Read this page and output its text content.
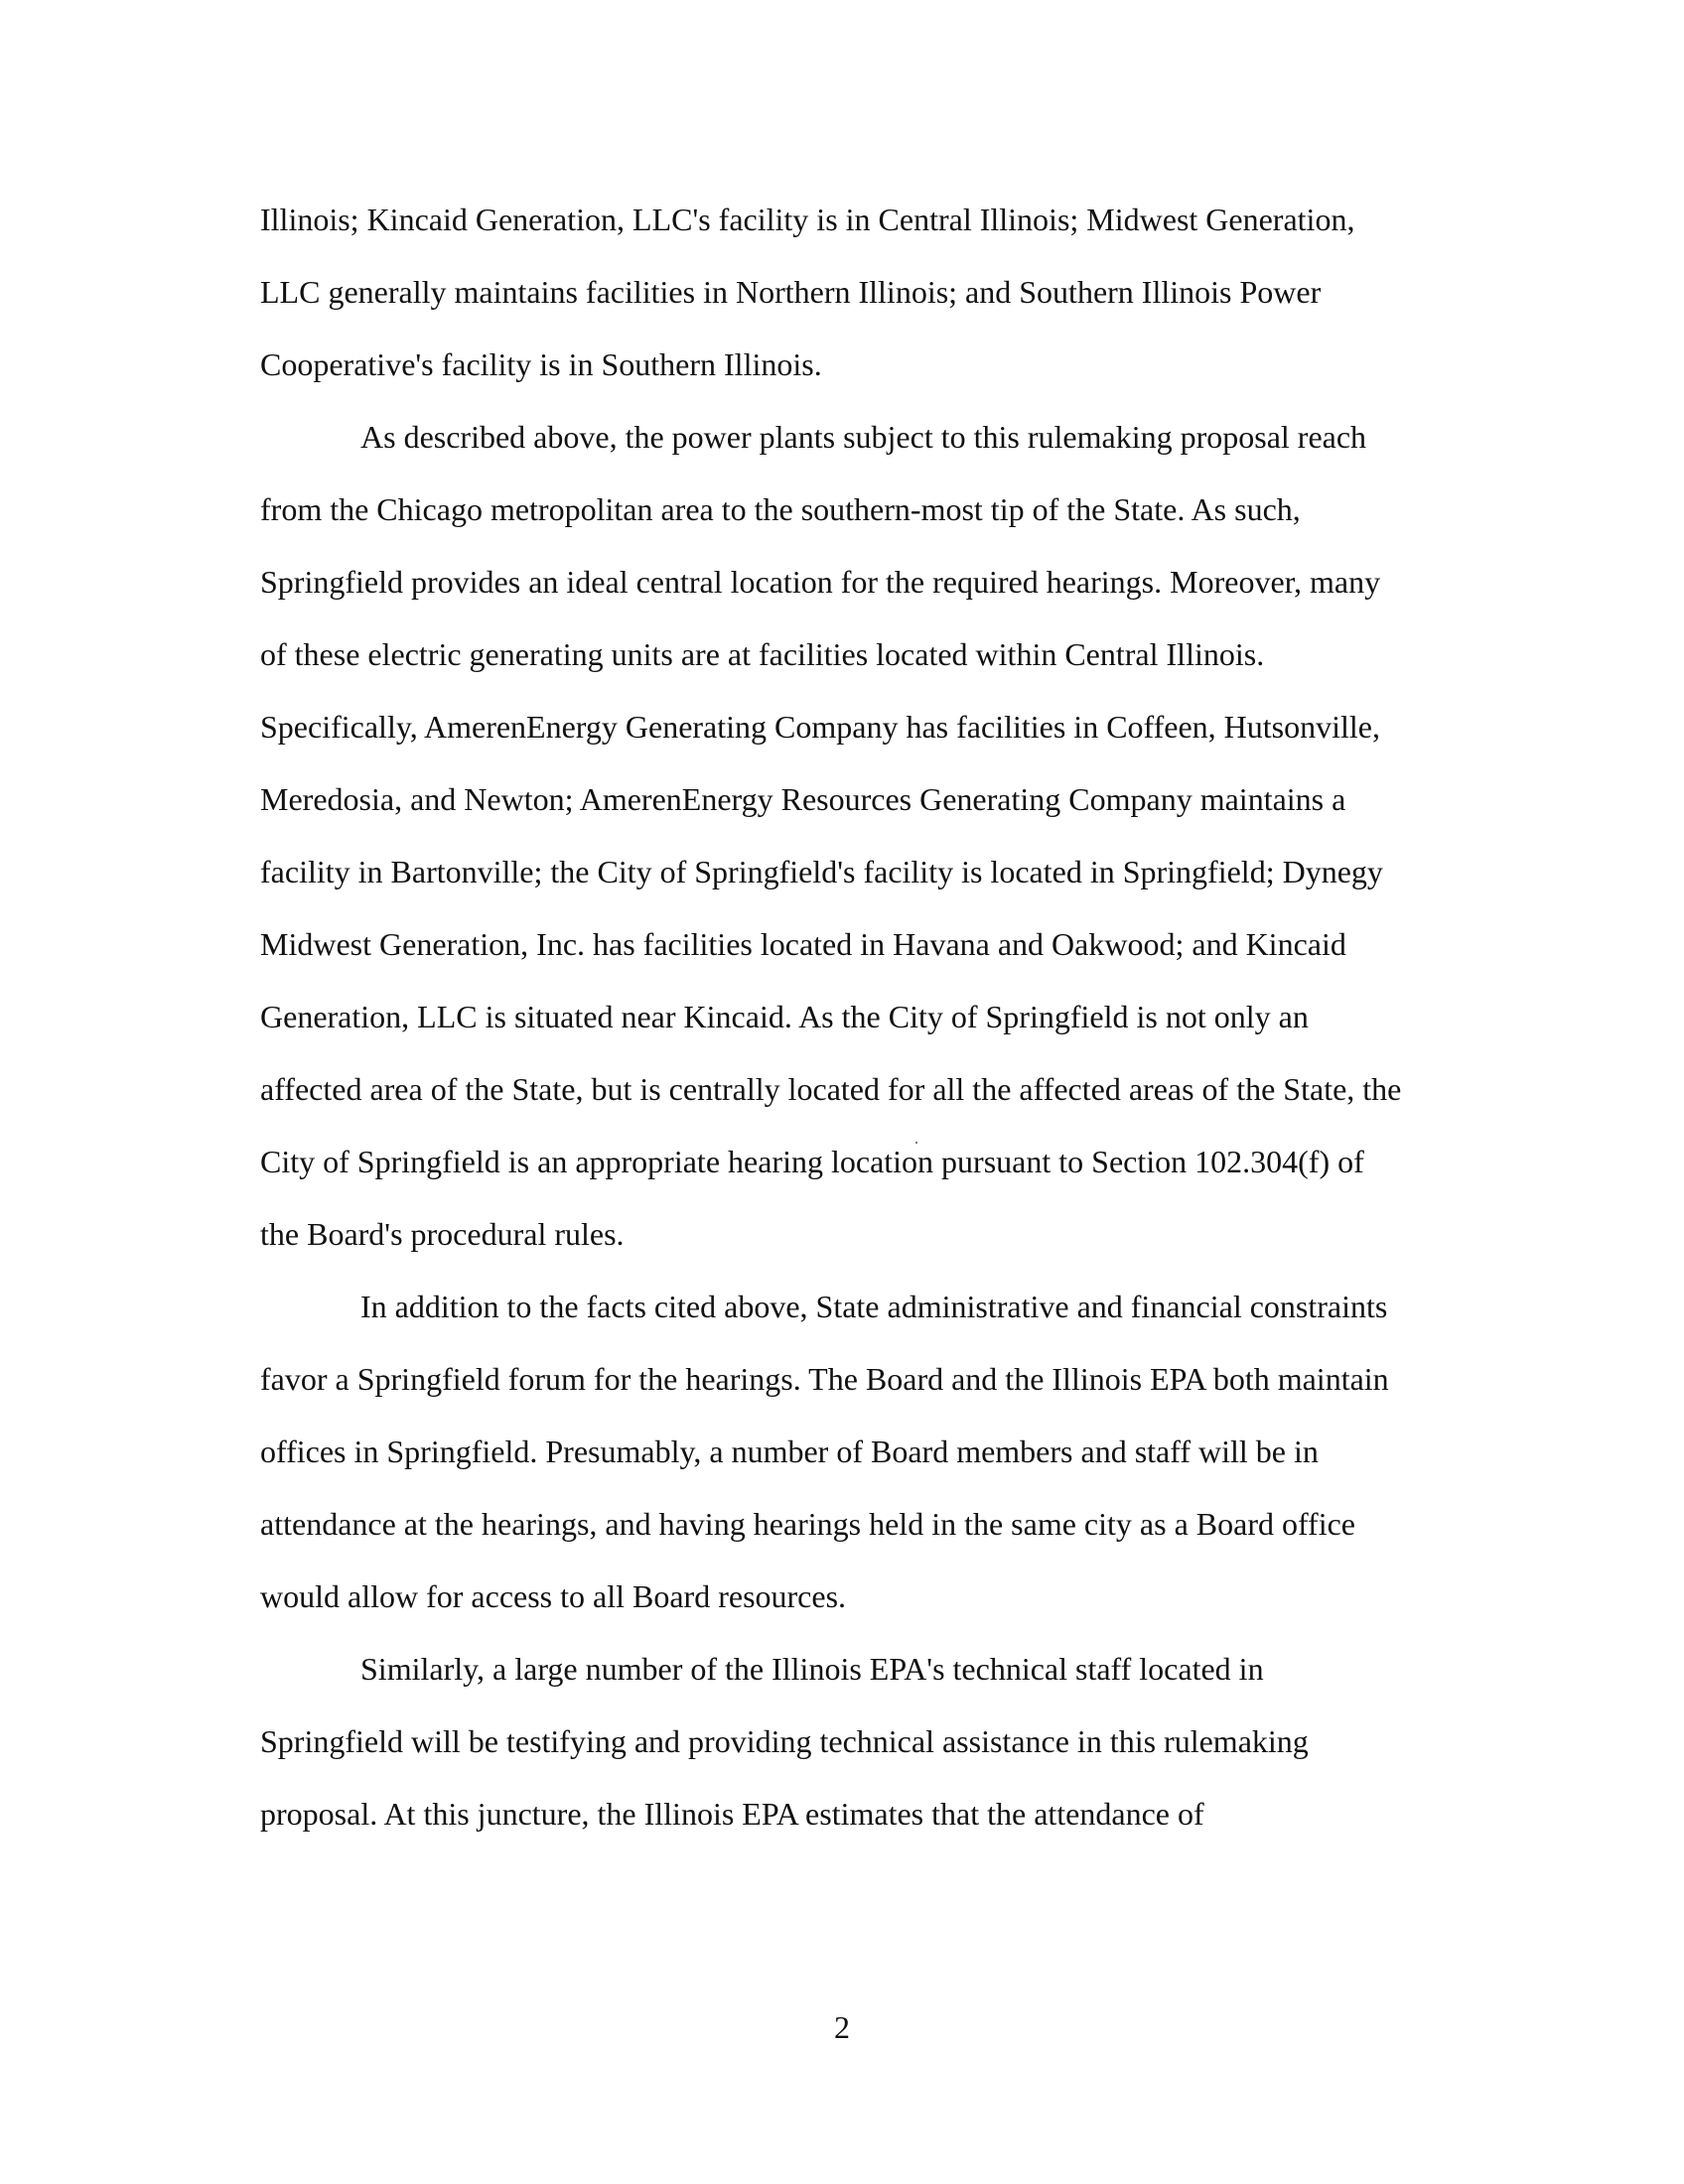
Illinois; Kincaid Generation, LLC's facility is in Central Illinois; Midwest Generation,
LLC generally maintains facilities in Northern Illinois; and Southern Illinois Power
Cooperative's facility is in Southern Illinois.
As described above, the power plants subject to this rulemaking proposal reach
from the Chicago metropolitan area to the southern-most tip of the State. As such,
Springfield provides an ideal central location for the required hearings. Moreover, many
of these electric generating units are at facilities located within Central Illinois.
Specifically, AmerenEnergy Generating Company has facilities in Coffeen, Hutsonville,
Meredosia, and Newton; AmerenEnergy Resources Generating Company maintains a
facility in Bartonville; the City of Springfield's facility is located in Springfield; Dynegy
Midwest Generation, Inc. has facilities located in Havana and Oakwood; and Kincaid
Generation, LLC is situated near Kincaid. As the City of Springfield is not only an
affected area of the State, but is centrally located for all the affected areas of the State, the
City of Springfield is an appropriate hearing location pursuant to Section 102.304(f) of
the Board's procedural rules.
In addition to the facts cited above, State administrative and financial constraints
favor a Springfield forum for the hearings. The Board and the Illinois EPA both maintain
offices in Springfield. Presumably, a number of Board members and staff will be in
attendance at the hearings, and having hearings held in the same city as a Board office
would allow for access to all Board resources.
Similarly, a large number of the Illinois EPA's technical staff located in
Springfield will be testifying and providing technical assistance in this rulemaking
proposal. At this juncture, the Illinois EPA estimates that the attendance of
2
